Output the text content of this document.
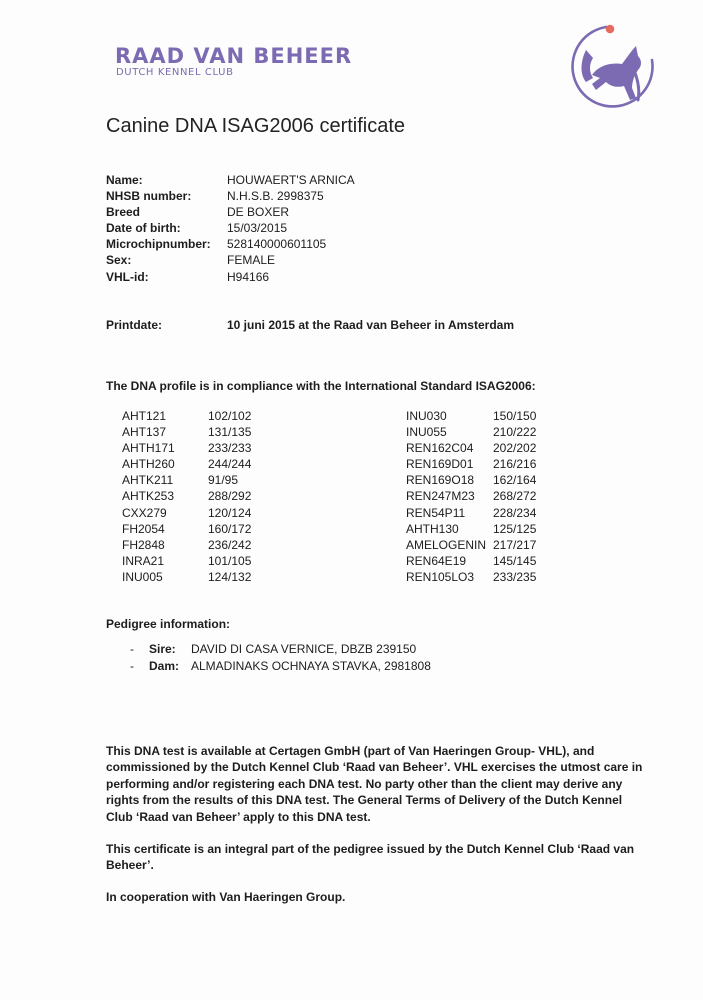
RAAD VAN BEHEER
DUTCH KENNEL CLUB
Canine DNA ISAG2006 certificate
Name:	HOUWAERT'S ARNICA
NHSB number:	N.H.S.B. 2998375
Breed	DE BOXER
Date of birth:	15/03/2015
Microchipnumber: 528140000601105
Sex:	FEMALE
VHL-id:	H94166
Printdate:	10 juni 2015 at the Raad van Beheer in Amsterdam
The DNA profile is in compliance with the International Standard ISAG2006:
AHT121	102/102
AHT137	131/135
AHTH171	233/233
AHTH260	244/244
AHTK211	91/95
AHTK253	288/292
CXX279	120/124
FH2054	160/172
FH2848	236/242
INRA21	101/105
INU005	124/132
INU030	150/150
INU055	210/222
REN162C04 202/202
REN169D01 216/216
REN169O18 162/164
REN247M23 268/272
REN54P11 228/234
AHTH130	125/125
AMELOGENIN 217/217
REN64E19 145/145
REN105LO3 233/235
Pedigree information:
- Sire: DAVID DI CASA VERNICE, DBZB 239150
- Dam: ALMADINAKS OCHNAYA STAVKA, 2981808
This DNA test is available at Certagen GmbH (part of Van Haeringen Group- VHL), and commissioned by the Dutch Kennel Club ‘Raad van Beheer’. VHL exercises the utmost care in performing and/or registering each DNA test. No party other than the client may derive any rights from the results of this DNA test. The General Terms of Delivery of the Dutch Kennel Club ‘Raad van Beheer’ apply to this DNA test.
This certificate is an integral part of the pedigree issued by the Dutch Kennel Club ‘Raad van Beheer’.
In cooperation with Van Haeringen Group.
